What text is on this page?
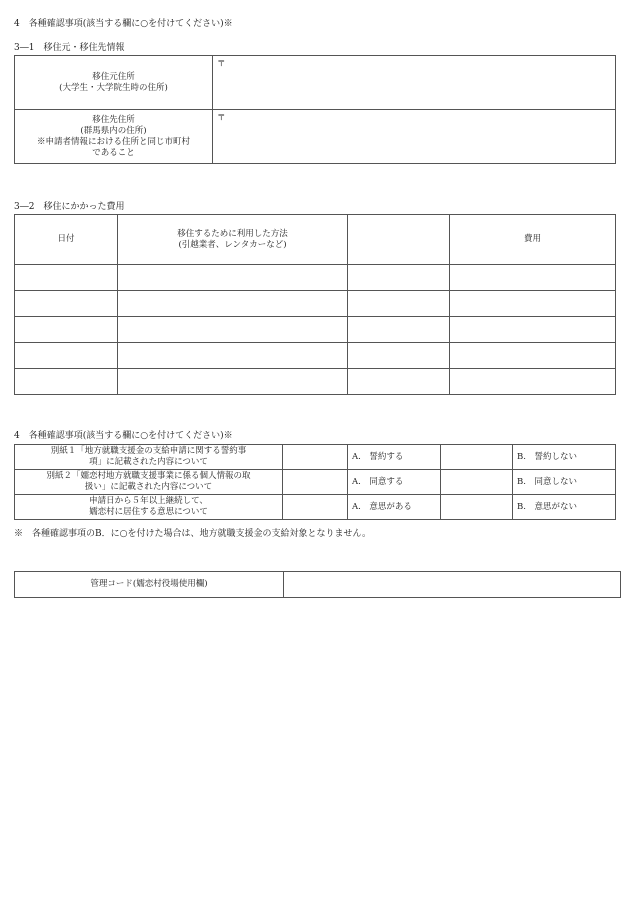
4　各種確認事項(該当する欄に○を付けてください)※
3―1　移住元・移住先情報
移住元住所
(大学生・大学院生時の住所)	〒

移住先住所
(群馬県内の住所)
※申請者情報における住所と同じ市町村
であること	〒
3―2　移住にかかった費用
日付	移住するために利用した方法
(引越業者、レンタカーなど)		費用

4　各種確認事項(該当する欄に○を付けてください)※
別紙１「地方就職支援金の支給申請に関する誓約事
項」に記載された内容について		A.　誓約する		B.　誓約しない

別紙２「嬬恋村地方就職支援事業に係る個人情報の取
扱い」に記載された内容について		A.　同意する		B.　同意しない

申請日から５年以上継続して、
嬬恋村に居住する意思について		A.　意思がある		B.　意思がない
※　各種確認事項のB．に○を付けた場合は、地方就職支援金の支給対象となりません。
管理コード(嬬恋村役場使用欄)	
